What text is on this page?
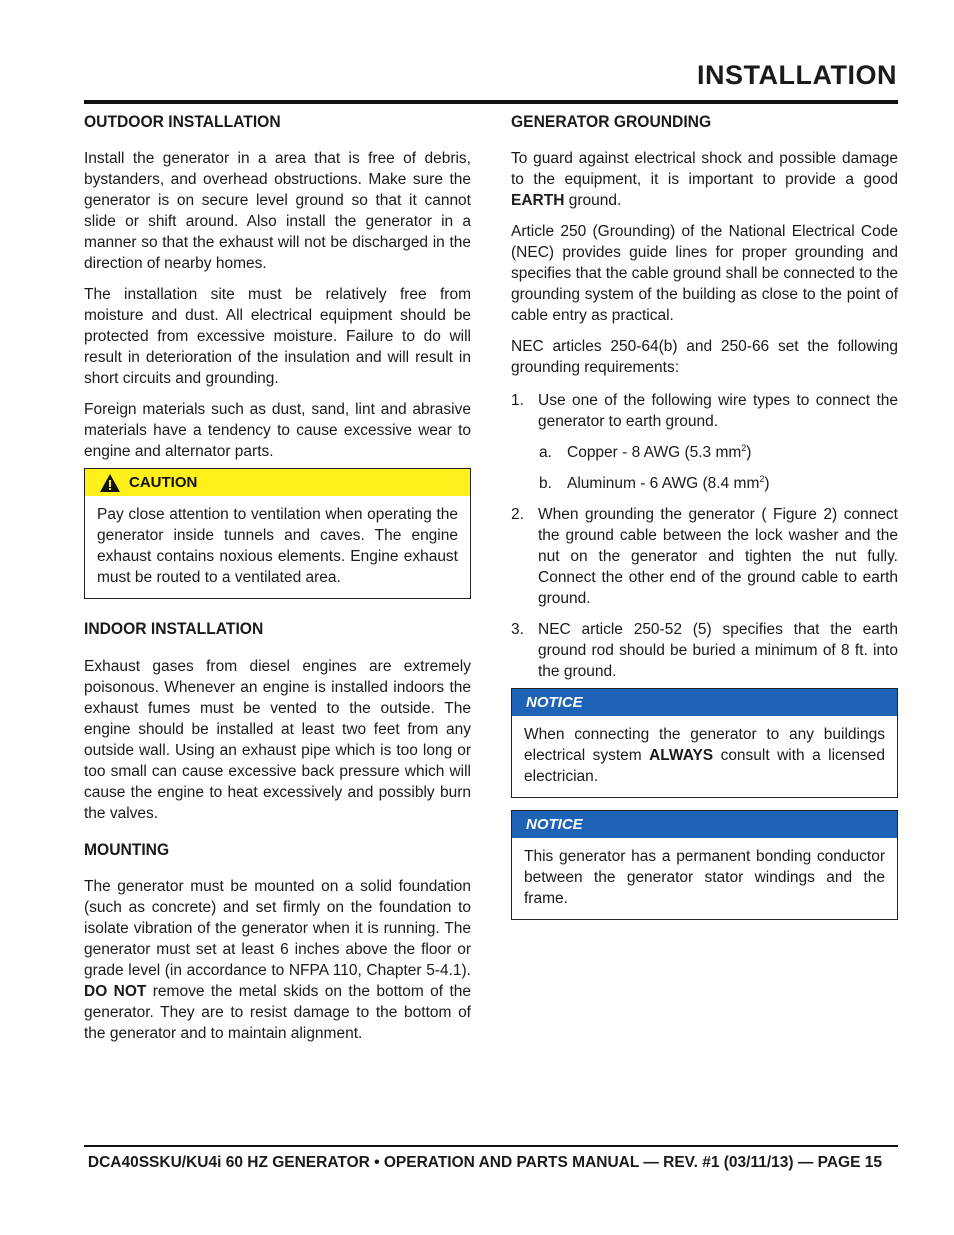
INSTALLATION
OUTDOOR INSTALLATION

Install the generator in a area that is free of debris, bystanders, and overhead obstructions. Make sure the generator is on secure level ground so that it cannot slide or shift around. Also install the generator in a manner so that the exhaust will not be discharged in the direction of nearby homes.

The installation site must be relatively free from moisture and dust. All electrical equipment should be protected from excessive moisture. Failure to do will result in deterioration of the insulation and will result in short circuits and grounding.

Foreign materials such as dust, sand, lint and abrasive materials have a tendency to cause excessive wear to engine and alternator parts.

CAUTION

Pay close attention to ventilation when operating the generator inside tunnels and caves. The engine exhaust contains noxious elements. Engine exhaust must be routed to a ventilated area.

INDOOR INSTALLATION

Exhaust gases from diesel engines are extremely poisonous. Whenever an engine is installed indoors the exhaust fumes must be vented to the outside. The engine should be installed at least two feet from any outside wall. Using an exhaust pipe which is too long or too small can cause excessive back pressure which will cause the engine to heat excessively and possibly burn the valves.

MOUNTING

The generator must be mounted on a solid foundation (such as concrete) and set firmly on the foundation to isolate vibration of the generator when it is running. The generator must set at least 6 inches above the floor or grade level (in accordance to NFPA 110, Chapter 5-4.1). DO NOT remove the metal skids on the bottom of the generator. They are to resist damage to the bottom of the generator and to maintain alignment.

GENERATOR GROUNDING

To guard against electrical shock and possible damage to the equipment, it is important to provide a good EARTH ground.

Article 250 (Grounding) of the National Electrical Code (NEC) provides guide lines for proper grounding and specifies that the cable ground shall be connected to the grounding system of the building as close to the point of cable entry as practical.

NEC articles 250-64(b) and 250-66 set the following grounding requirements:

1. Use one of the following wire types to connect the generator to earth ground.
a. Copper - 8 AWG (5.3 $mm^2$)
b. Aluminum - 6 AWG (8.4 $mm^2$)
2. When grounding the generator ( Figure 2) connect the ground cable between the lock washer and the nut on the generator and tighten the nut fully. Connect the other end of the ground cable to earth ground.
3. NEC article 250-52 (5) specifies that the earth ground rod should be buried a minimum of 8 ft. into the ground.
NOTICE

When connecting the generator to any buildings electrical system ALWAYS consult with a licensed electrician.

NOTICE

This generator has a permanent bonding conductor between the generator stator windings and the frame.

DCA40SSKU/KU4i 60 HZ GENERATOR • OPERATION AND PARTS MANUAL — REV. #1 (03/11/13) — PAGE 15
